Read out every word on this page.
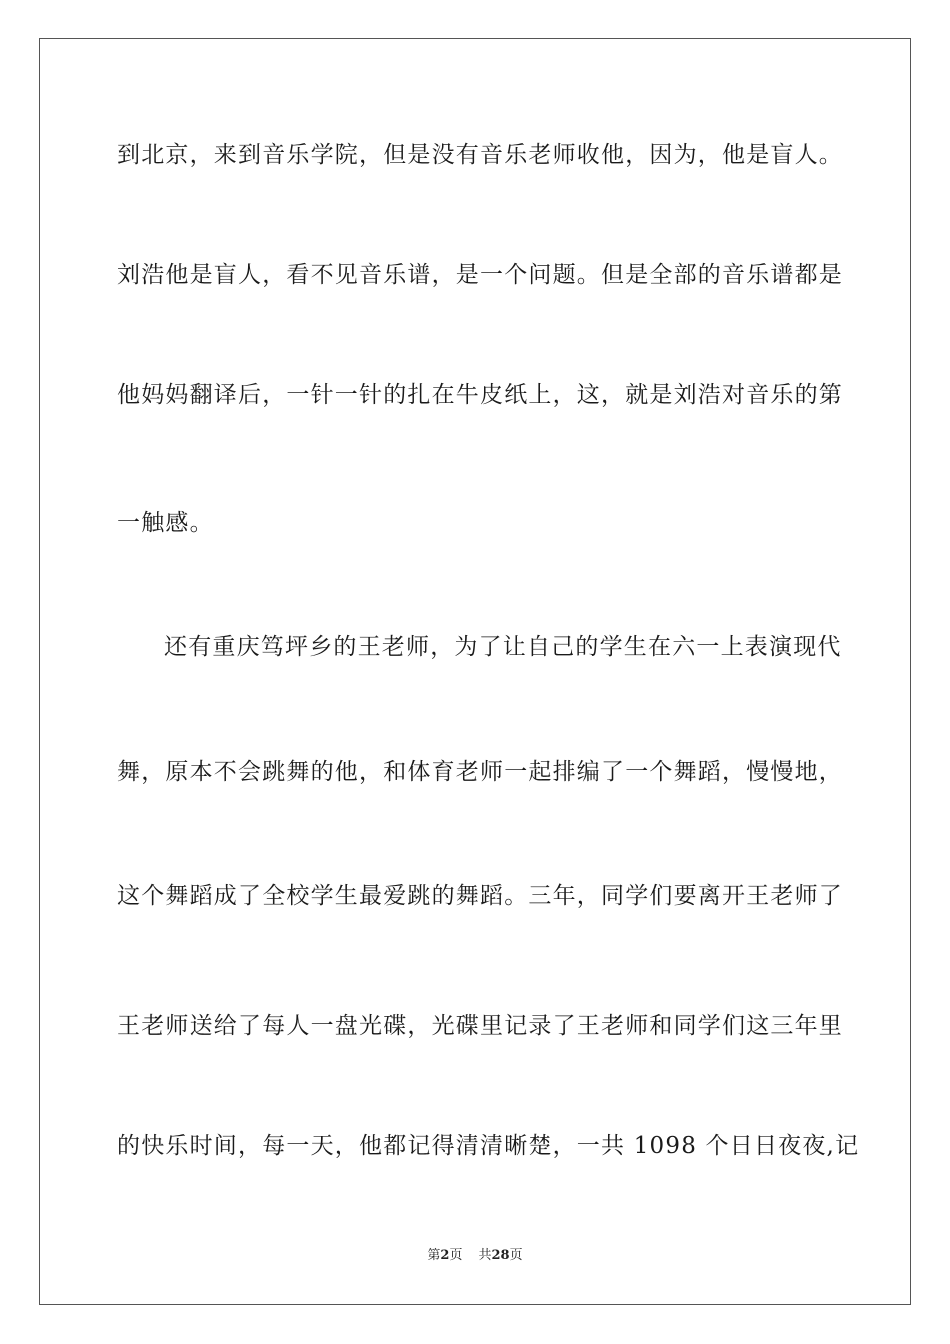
到北京，来到音乐学院，但是没有音乐老师收他，因为，他是盲人。
刘浩他是盲人，看不见音乐谱，是一个问题。但是全部的音乐谱都是
他妈妈翻译后，一针一针的扎在牛皮纸上，这，就是刘浩对音乐的第
一触感。
还有重庆笃坪乡的王老师，为了让自己的学生在六一上表演现代
舞，原本不会跳舞的他，和体育老师一起排编了一个舞蹈，慢慢地，
这个舞蹈成了全校学生最爱跳的舞蹈。三年，同学们要离开王老师了
王老师送给了每人一盘光碟，光碟里记录了王老师和同学们这三年里
的快乐时间，每一天，他都记得清清晰楚，一共 1098 个日日夜夜,记
第2页 共28页
